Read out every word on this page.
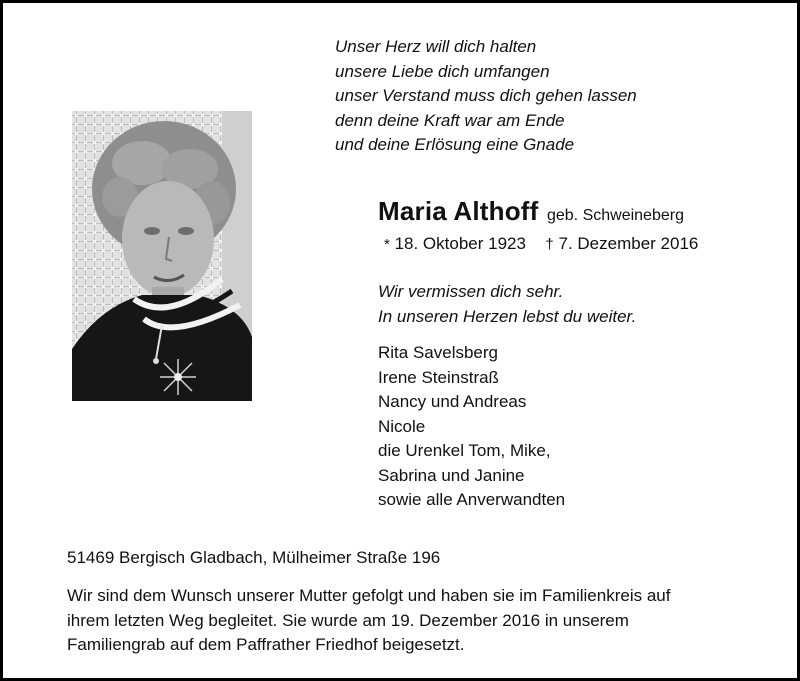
Unser Herz will dich halten
unsere Liebe dich umfangen
unser Verstand muss dich gehen lassen
denn deine Kraft war am Ende
und deine Erlösung eine Gnade
Maria Althoff geb. Schweineberg
* 18. Oktober 1923 † 7. Dezember 2016
Wir vermissen dich sehr.
In unseren Herzen lebst du weiter.
Rita Savelsberg
Irene Steinstraß
Nancy und Andreas
Nicole
die Urenkel Tom, Mike,
Sabrina und Janine
sowie alle Anverwandten
51469 Bergisch Gladbach, Mülheimer Straße 196
Wir sind dem Wunsch unserer Mutter gefolgt und haben sie im Familienkreis auf
ihrem letzten Weg begleitet. Sie wurde am 19. Dezember 2016 in unserem
Familiengrab auf dem Paffrather Friedhof beigesetzt.
